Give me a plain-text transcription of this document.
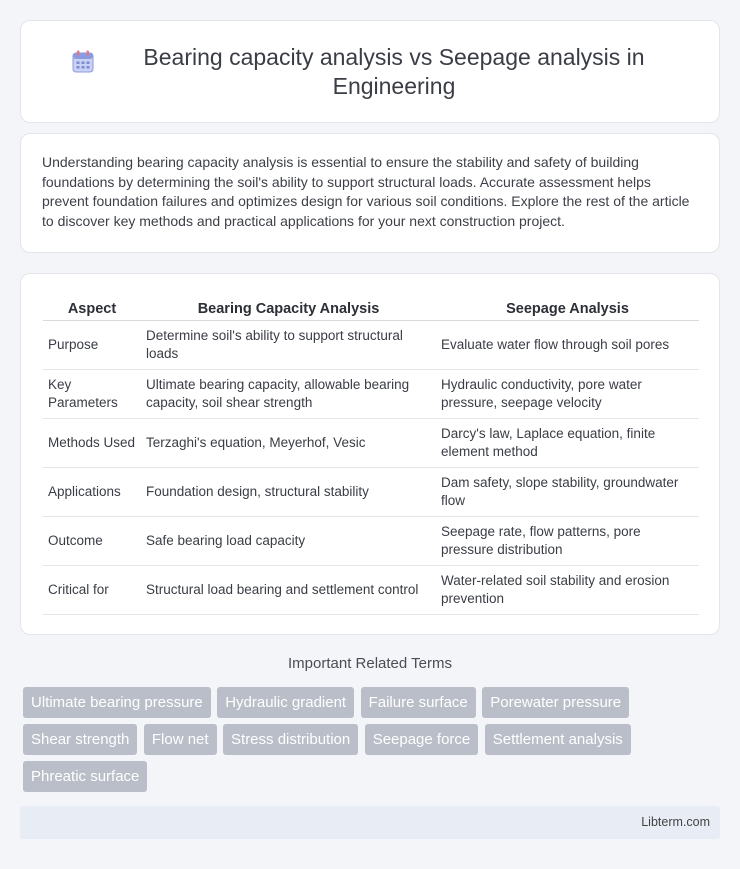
Bearing capacity analysis vs Seepage analysis in Engineering

Understanding bearing capacity analysis is essential to ensure the stability and safety of building foundations by determining the soil's ability to support structural loads. Accurate assessment helps prevent foundation failures and optimizes design for various soil conditions. Explore the rest of the article to discover key methods and practical applications for your next construction project.

Aspect	Bearing Capacity Analysis	Seepage Analysis
Purpose	Determine soil's ability to support structural loads	Evaluate water flow through soil pores
Key Parameters	Ultimate bearing capacity, allowable bearing capacity, soil shear strength	Hydraulic conductivity, pore water pressure, seepage velocity
Methods Used	Terzaghi's equation, Meyerhof, Vesic	Darcy's law, Laplace equation, finite element method
Applications	Foundation design, structural stability	Dam safety, slope stability, groundwater flow
Outcome	Safe bearing load capacity	Seepage rate, flow patterns, pore pressure distribution
Critical for	Structural load bearing and settlement control	Water-related soil stability and erosion prevention
Important Related Terms
Ultimate bearing pressure Hydraulic gradient Failure surface Porewater pressure Shear strength Flow net Stress distribution Seepage force Settlement analysis Phreatic surface
Libterm.com
